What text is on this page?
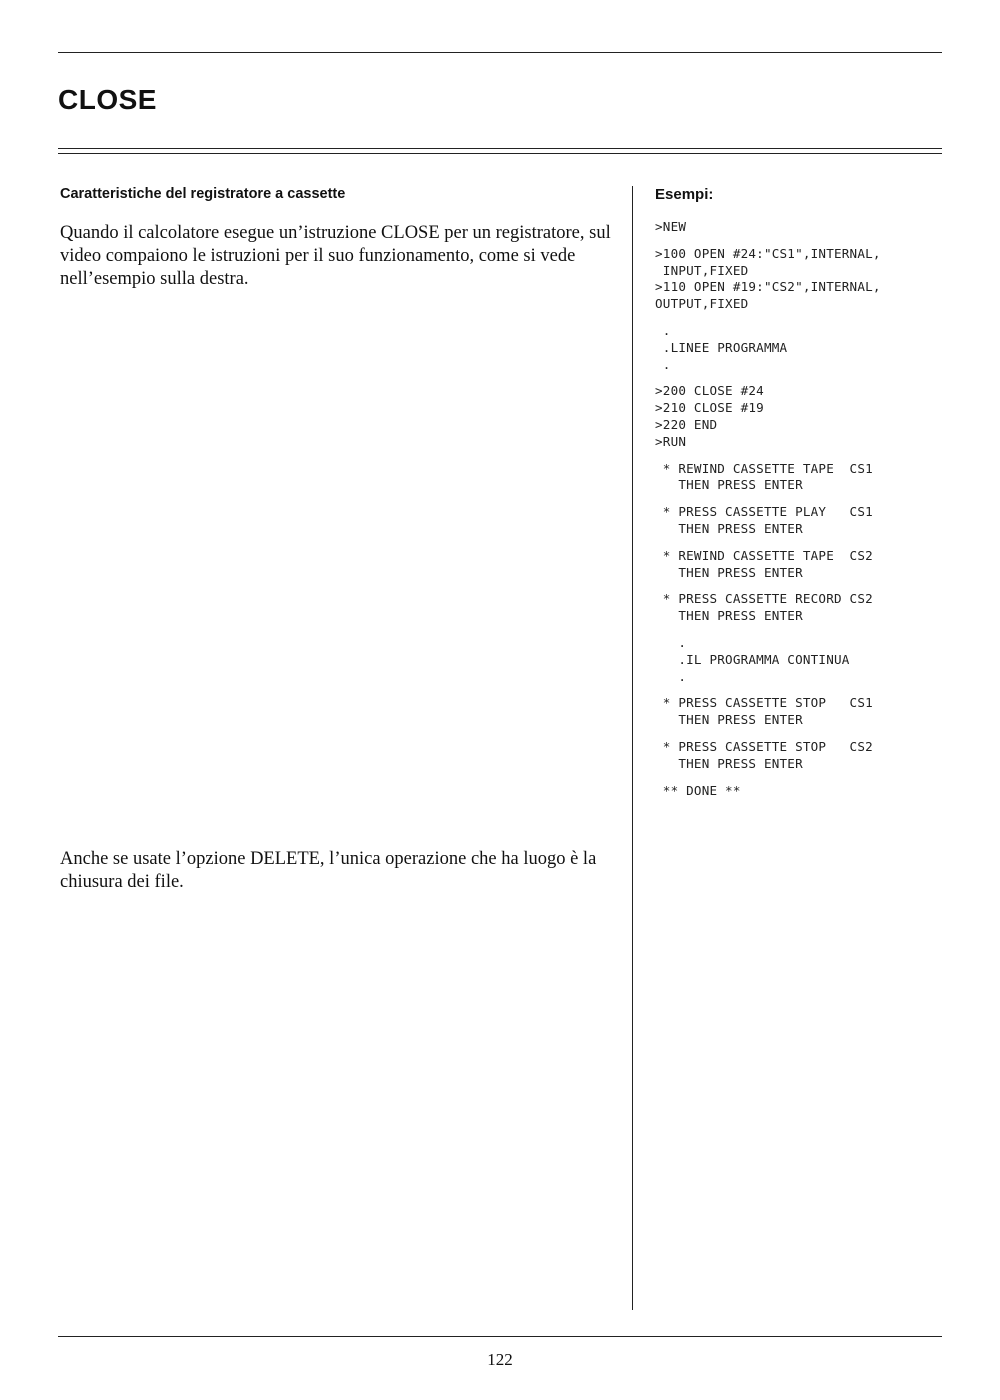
CLOSE
Caratteristiche del registratore a cassette

Quando il calcolatore esegue un’istruzione CLOSE per un registratore, sul video compaiono le istruzioni per il suo funzionamento, come si vede nell’esempio sulla destra.

Anche se usate l’opzione DELETE, l’unica operazione che ha luogo è la chiusura dei file.

Esempi:
>NEW
>100 OPEN #24:"CS1",INTERNAL,
INPUT,FIXED
>110 OPEN #19:"CS2",INTERNAL,
OUTPUT,FIXED
.
.LINEE PROGRAMMA
.
>200 CLOSE #24
>210 CLOSE #19
>220 END
>RUN
* REWIND CASSETTE TAPE  CS1
THEN PRESS ENTER
* PRESS CASSETTE PLAY   CS1
THEN PRESS ENTER
* REWIND CASSETTE TAPE  CS2
THEN PRESS ENTER
* PRESS CASSETTE RECORD CS2
THEN PRESS ENTER
.
.IL PROGRAMMA CONTINUA
.
* PRESS CASSETTE STOP   CS1
THEN PRESS ENTER
* PRESS CASSETTE STOP   CS2
THEN PRESS ENTER
** DONE **
122
